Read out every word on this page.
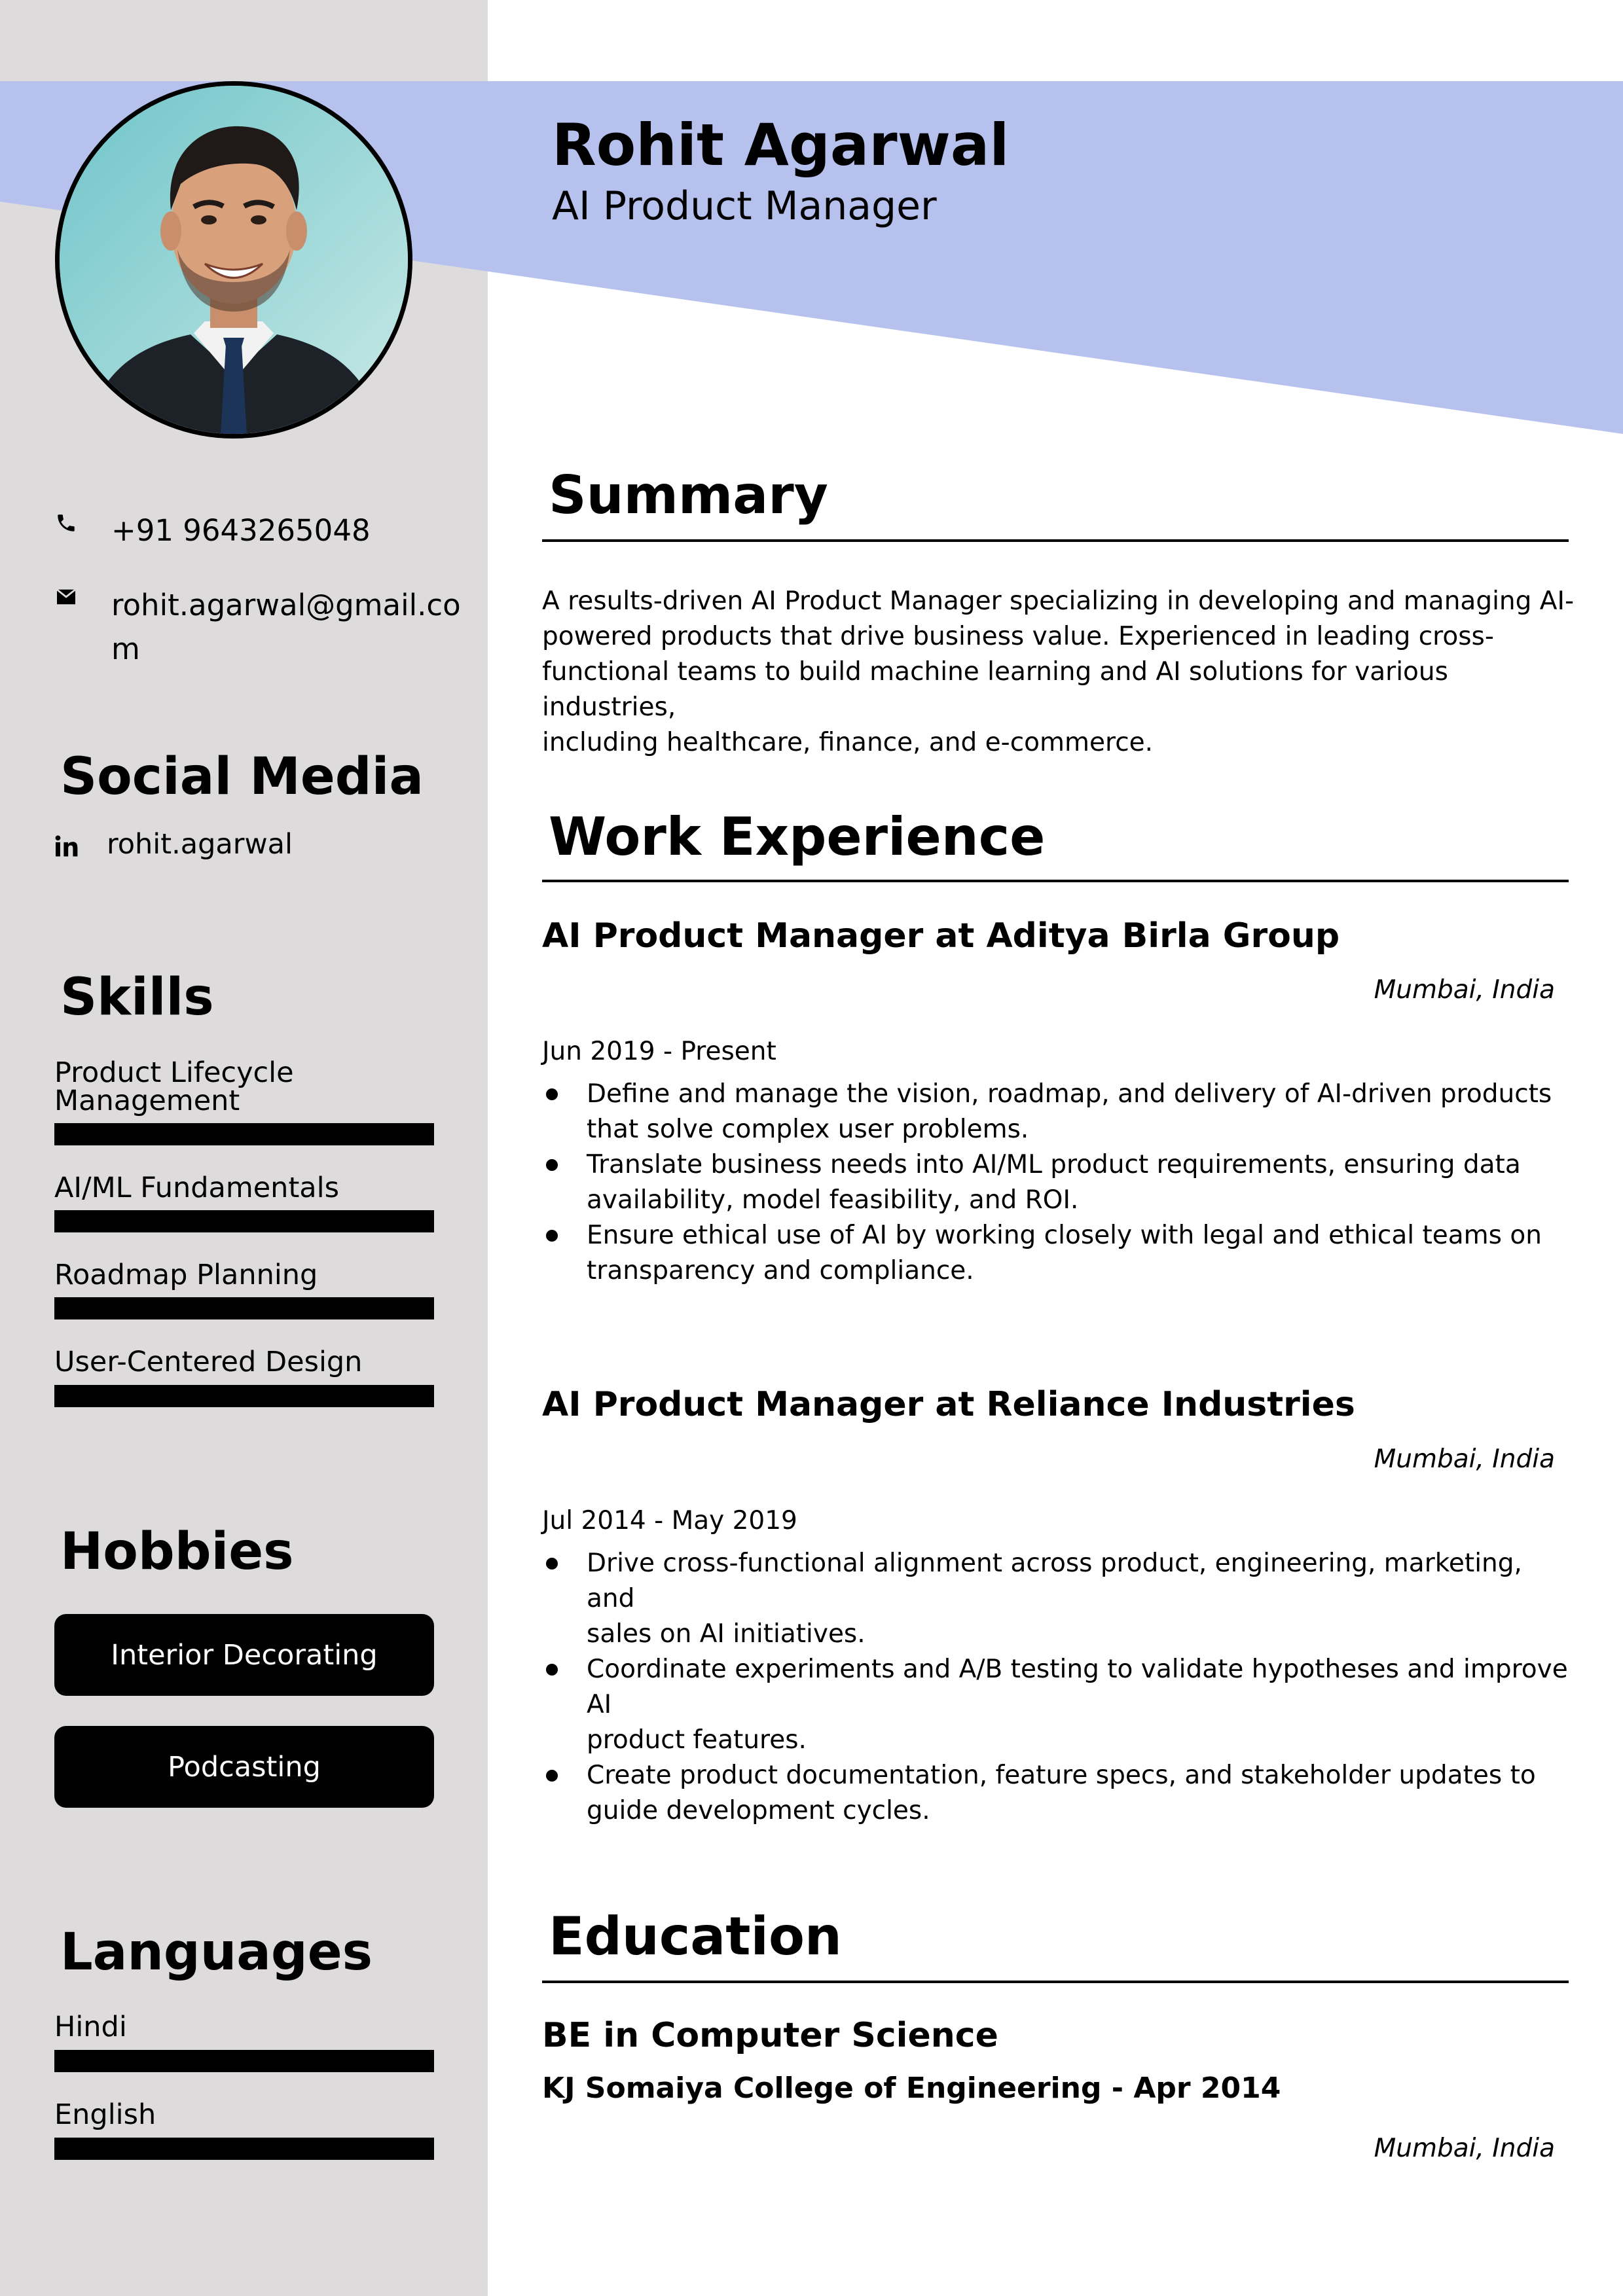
Rohit Agarwal
AI Product Manager
+91 9643265048
rohit.agarwal@gmail.co
m
Social Media
rohit.agarwal
Skills
Product Lifecycle
Management
AI/ML Fundamentals
Roadmap Planning
User-Centered Design
Hobbies
Interior Decorating
Podcasting
Languages
Hindi
English
Summary
A results-driven AI Product Manager specializing in developing and managing AI-
powered products that drive business value. Experienced in leading cross-
functional teams to build machine learning and AI solutions for various industries,
including healthcare, finance, and e-commerce.
Work Experience
AI Product Manager at Aditya Birla Group
Mumbai, India
Jun 2019 - Present
Define and manage the vision, roadmap, and delivery of AI-driven products
that solve complex user problems.
Translate business needs into AI/ML product requirements, ensuring data
availability, model feasibility, and ROI.
Ensure ethical use of AI by working closely with legal and ethical teams on
transparency and compliance.
AI Product Manager at Reliance Industries
Mumbai, India
Jul 2014 - May 2019
Drive cross-functional alignment across product, engineering, marketing, and
sales on AI initiatives.
Coordinate experiments and A/B testing to validate hypotheses and improve AI
product features.
Create product documentation, feature specs, and stakeholder updates to
guide development cycles.
Education
BE in Computer Science
KJ Somaiya College of Engineering - Apr 2014
Mumbai, India
